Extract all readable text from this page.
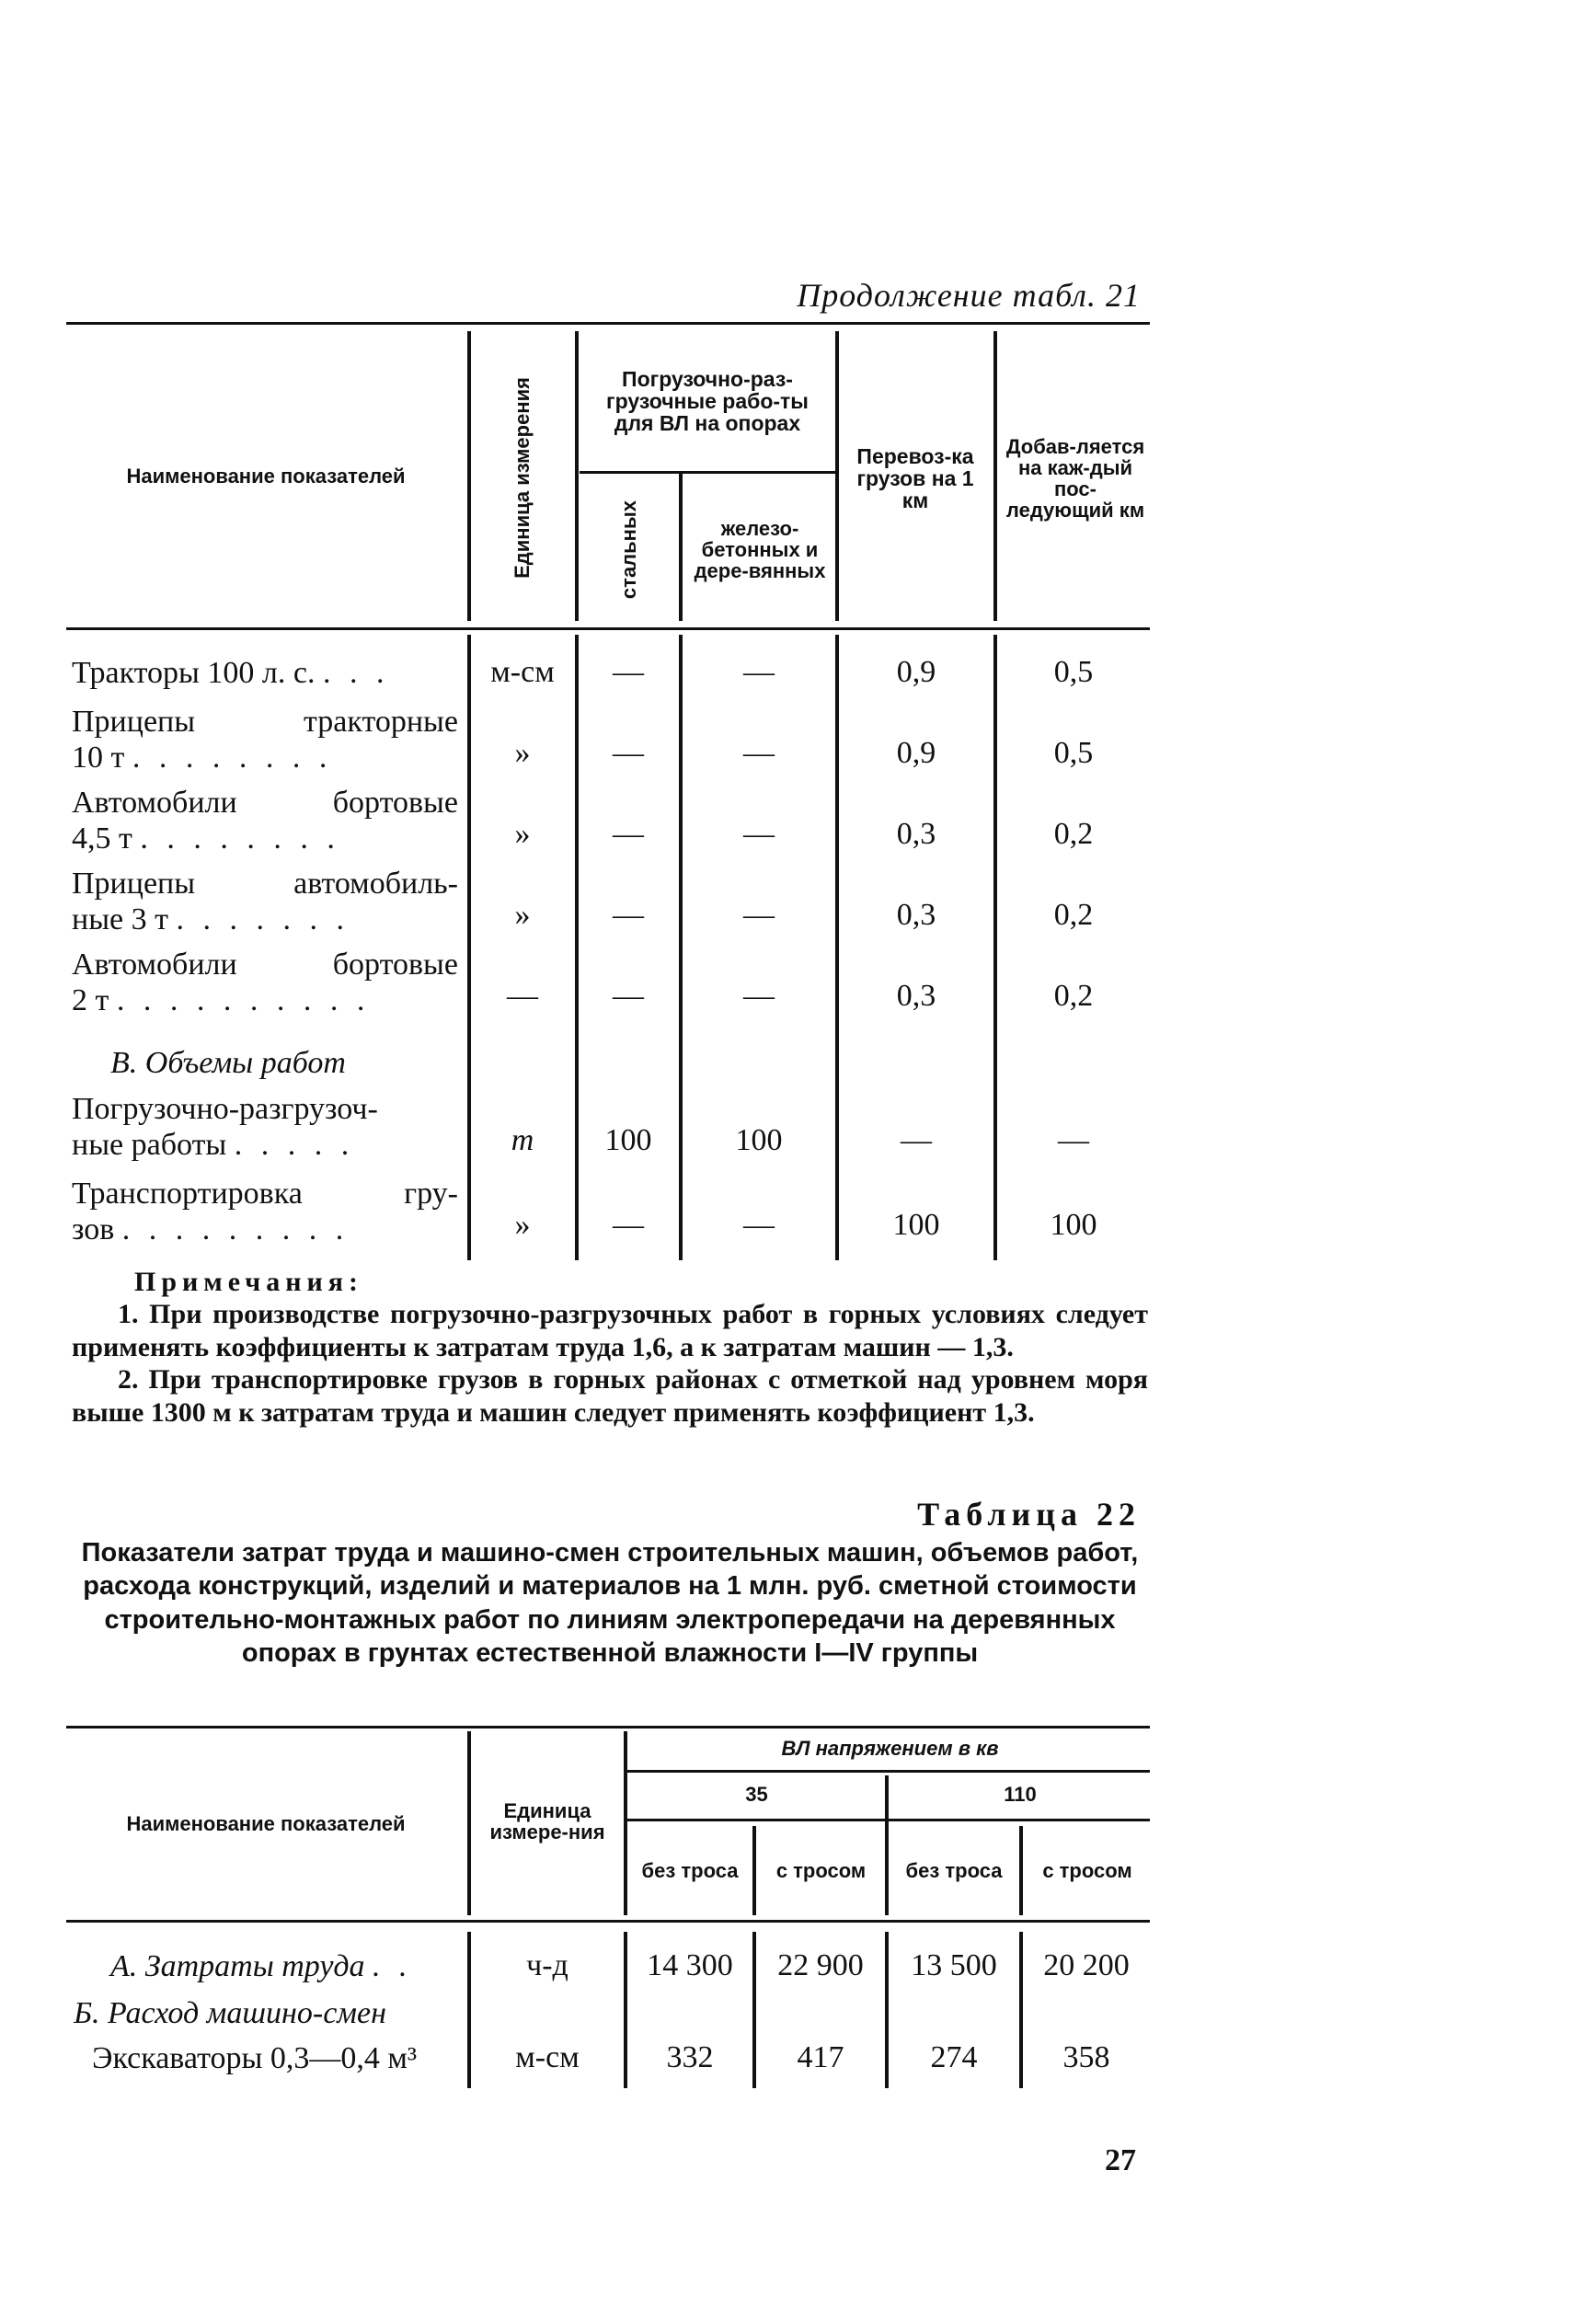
Продолжение табл. 21
Наименование показателей	Единица измерения	Погрузочно-раз-грузочные рабо-ты для ВЛ на опорах
стальных	железо-бетонных и дере-вянных
Перевоз-ка грузов на 1 км
Добав-ляется на каж-дый пос-ледующий км
Тракторы 100 л. с. . . .	м-см	—	—	0,9	0,5
Прицепы тракторные
10 т . . . . . . . .	»	—	—	0,9	0,5
Автомобили бортовые
4,5 т . . . . . . . .	»	—	—	0,3	0,2
Прицепы автомобиль-
ные 3 т . . . . . . .	»	—	—	0,3	0,2
Автомобили бортовые
2 т . . . . . . . . . .	—	—	—	0,3	0,2
В. Объемы работ
Погрузочно-разгрузоч-
ные работы . . . . .	т	100	100	—	—
Транспортировка гру-
зов . . . . . . . . .	»	—	—	100	100
Примечания:
1. При производстве погрузочно-разгрузочных работ в горных условиях следует применять коэффициенты к затратам труда 1,6, а к затратам машин — 1,3.
2. При транспортировке грузов в горных районах с отметкой над уровнем моря выше 1300 м к затратам труда и машин следует применять коэффициент 1,3.
Таблица 22
Показатели затрат труда и машино-смен строительных машин, объемов работ, расхода конструкций, изделий и материалов на 1 млн. руб. сметной стоимости строительно-монтажных работ по линиям электропередачи на деревянных опорах в грунтах естественной влажности I—IV группы
Наименование показателей
Единица измере-ния
ВЛ напряжением в кв
35	110
без троса	с тросом	без троса	с тросом
А. Затраты труда . .	ч-д	14 300	22 900	13 500	20 200
Б. Расход машино-смен
Экскаваторы 0,3—0,4 м³	м-см	332	417	274	358
27
